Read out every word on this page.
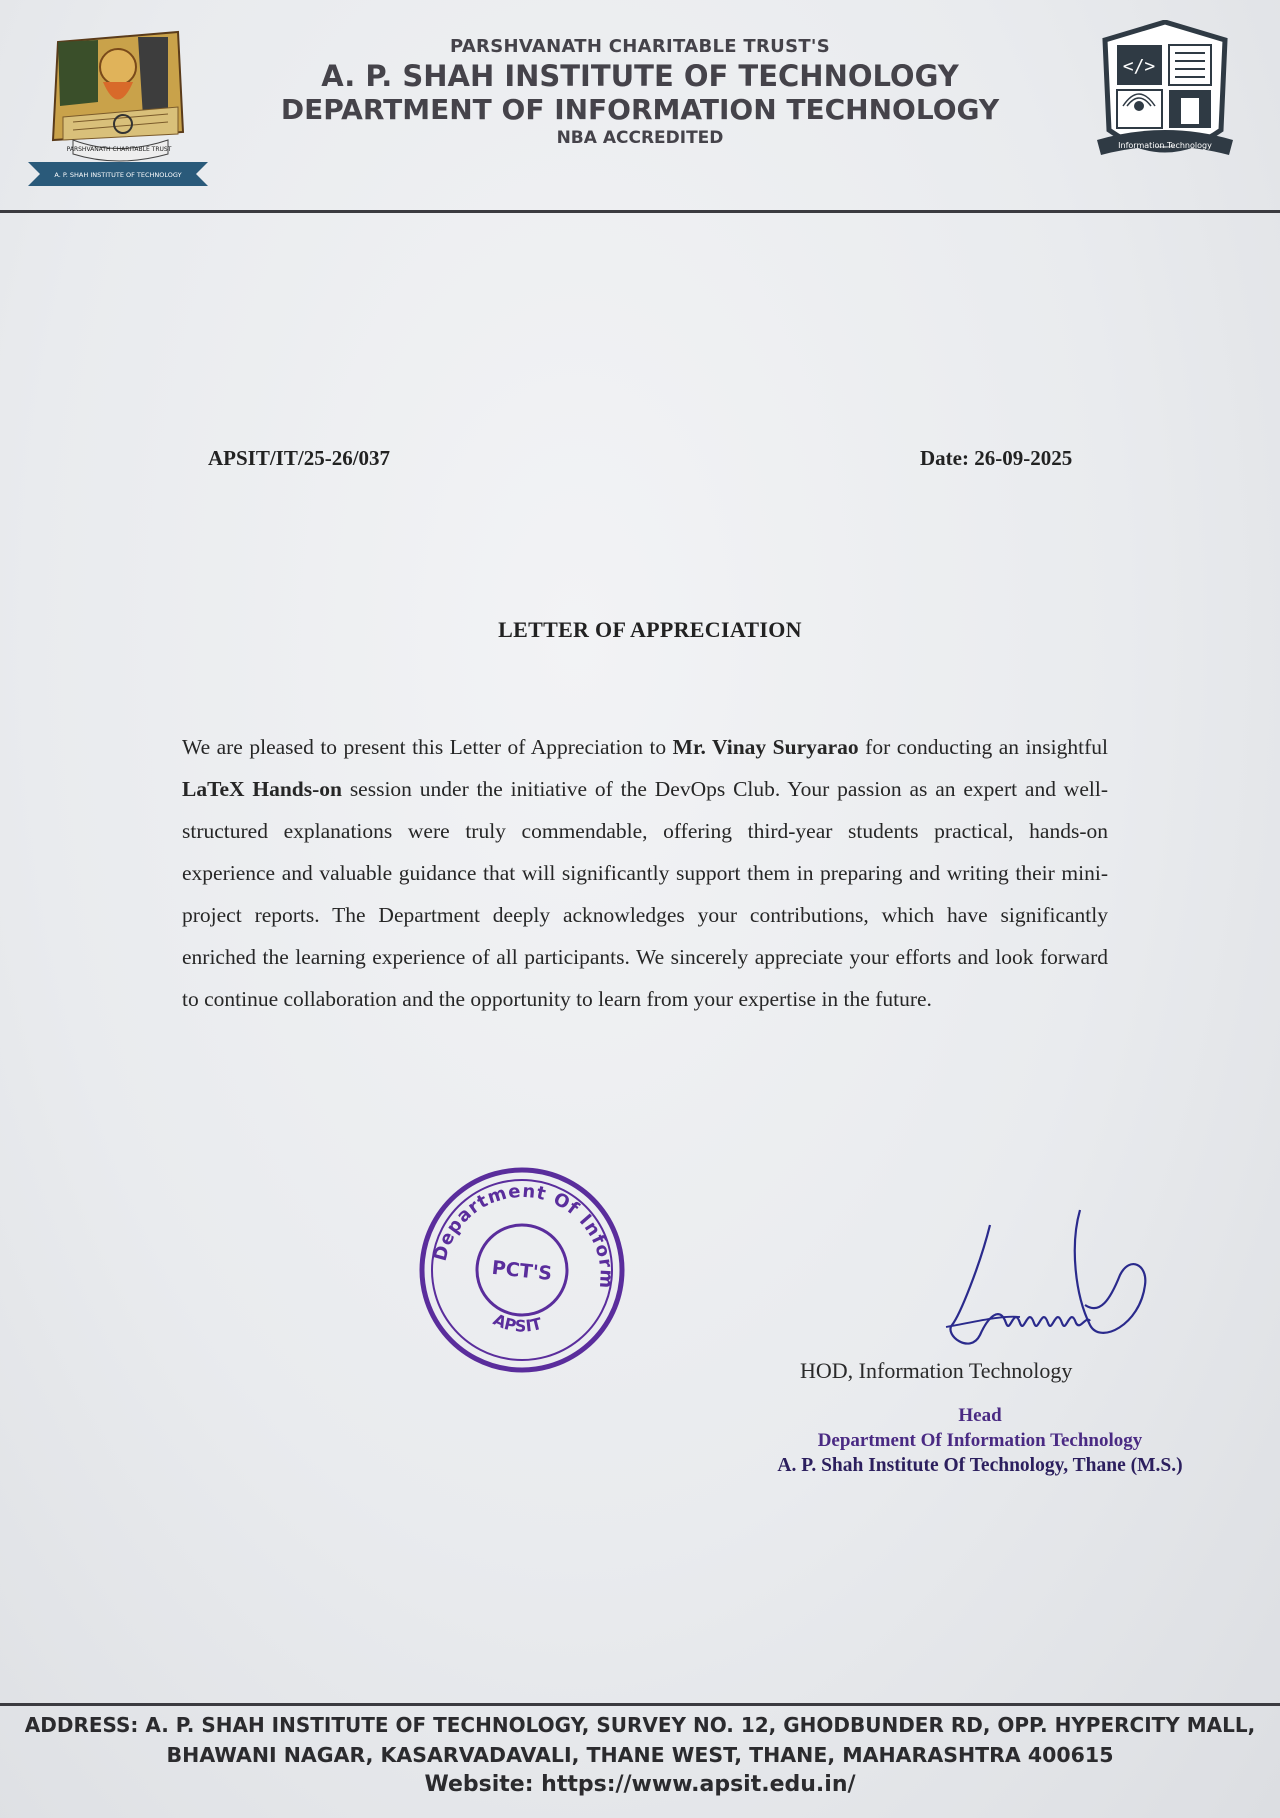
PARSHVANATH CHARITABLE TRUST
A. P. SHAH INSTITUTE OF TECHNOLOGY
PARSHVANATH CHARITABLE TRUST'S
A. P. SHAH INSTITUTE OF TECHNOLOGY
DEPARTMENT OF INFORMATION TECHNOLOGY
NBA ACCREDITED
</>
Information Technology
APSIT/IT/25-26/037	Date: 26-09-2025
LETTER OF APPRECIATION
We are pleased to present this Letter of Appreciation to Mr. Vinay Suryarao for conducting an insightful LaTeX Hands-on session under the initiative of the DevOps Club. Your passion as an expert and well-structured explanations were truly commendable, offering third-year students practical, hands-on experience and valuable guidance that will significantly support them in preparing and writing their mini-project reports. The Department deeply acknowledges your contributions, which have significantly enriched the learning experience of all participants. We sincerely appreciate your efforts and look forward to continue collaboration and the opportunity to learn from your expertise in the future.
Department Of Information
PCT'S
APSIT
HOD, Information Technology
Head
Department Of Information Technology
A. P. Shah Institute Of Technology, Thane (M.S.)
ADDRESS: A. P. SHAH INSTITUTE OF TECHNOLOGY, SURVEY NO. 12, GHODBUNDER RD, OPP. HYPERCITY MALL,
BHAWANI NAGAR, KASARVADAVALI, THANE WEST, THANE, MAHARASHTRA 400615
Website: https://www.apsit.edu.in/
